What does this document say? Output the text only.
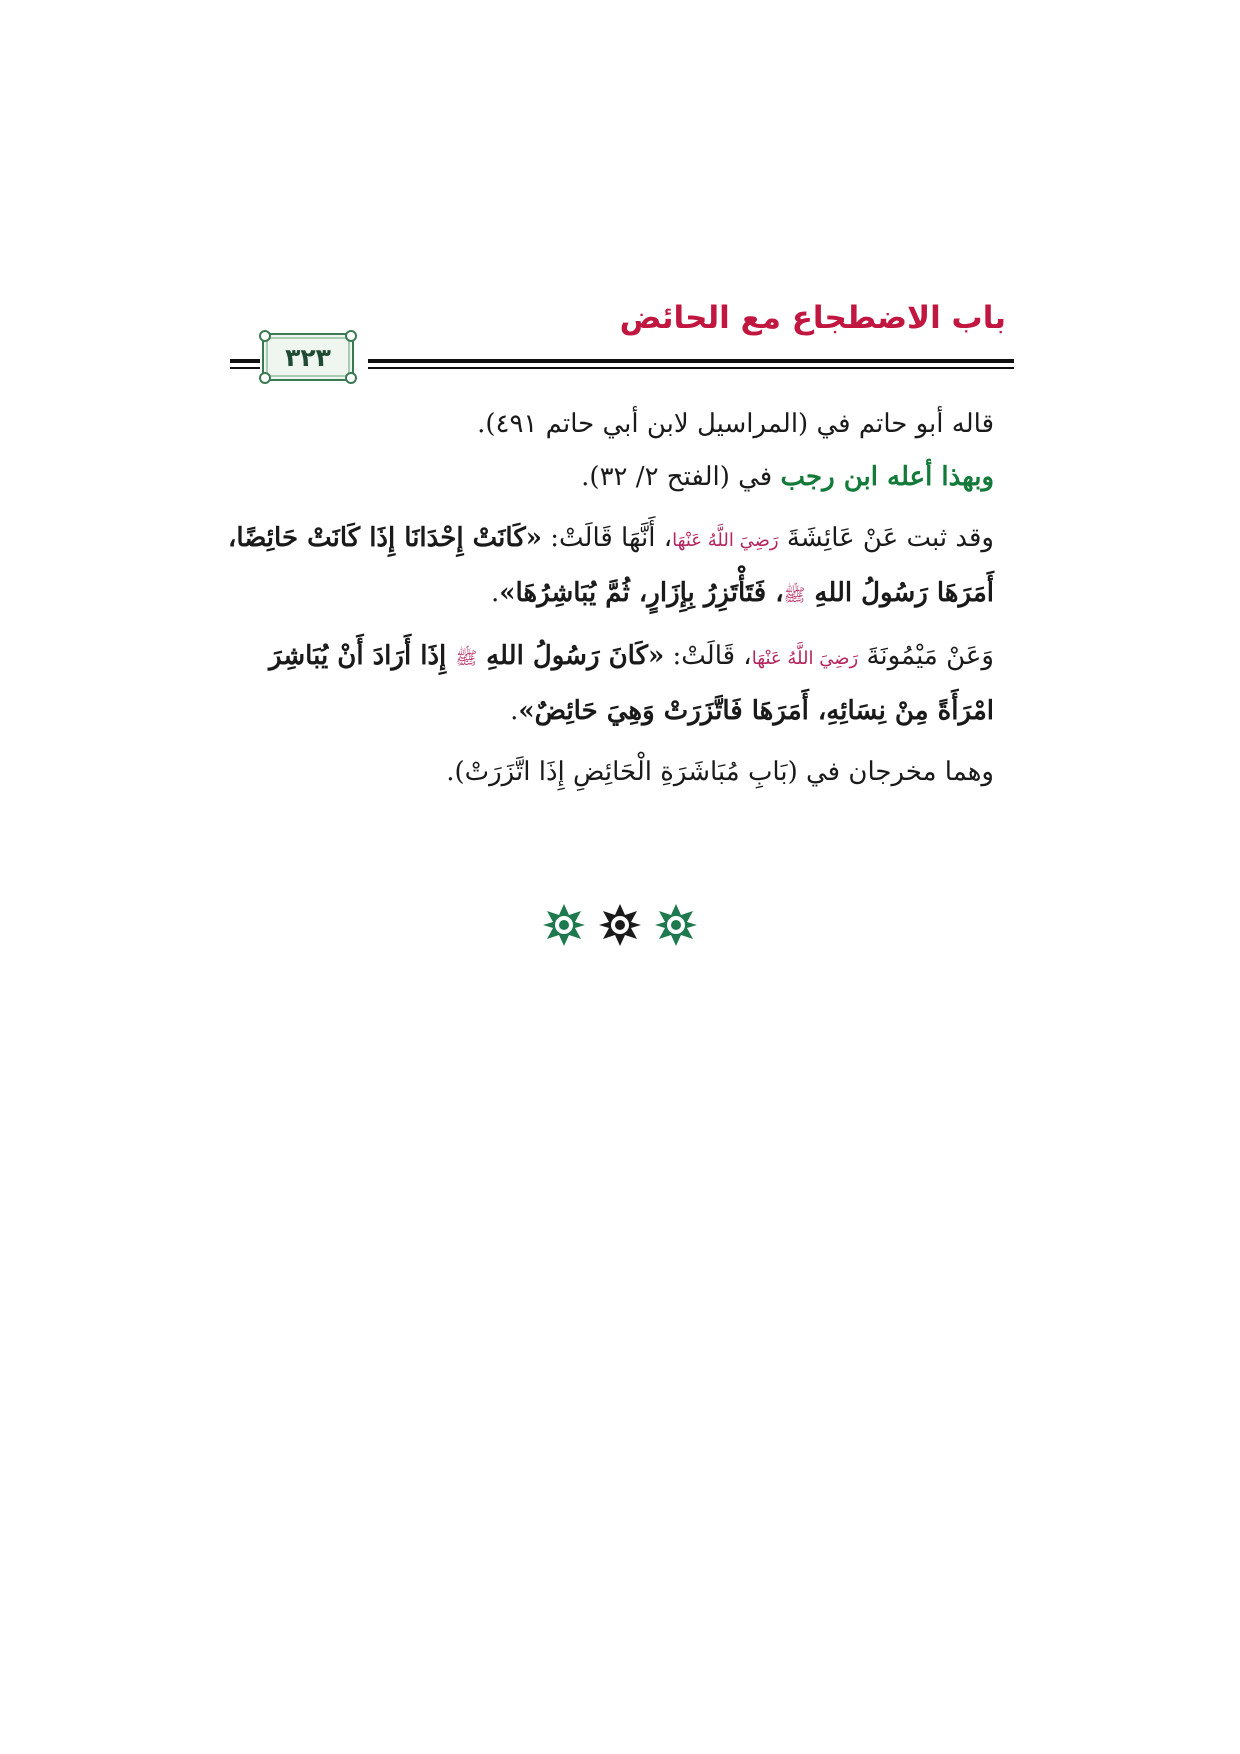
باب الاضطجاع مع الحائض
٣٢٣

قاله أبو حاتم في (المراسيل لابن أبي حاتم ٤٩١).

وبهذا أعله ابن رجب في (الفتح ٢/ ٣٢).

وقد ثبت عَنْ عَائِشَةَ رَضِيَ اللَّهُ عَنْهَا، أَنَّهَا قَالَتْ: «كَانَتْ إِحْدَانَا إِذَا كَانَتْ حَائِضًا، أَمَرَهَا رَسُولُ اللهِ ﷺ، فَتَأْتَزِرُ بِإِزَارٍ، ثُمَّ يُبَاشِرُهَا».

وَعَنْ مَيْمُونَةَ رَضِيَ اللَّهُ عَنْهَا، قَالَتْ: «كَانَ رَسُولُ اللهِ ﷺ إِذَا أَرَادَ أَنْ يُبَاشِرَ امْرَأَةً مِنْ نِسَائِهِ، أَمَرَهَا فَاتَّزَرَتْ وَهِيَ حَائِضٌ».

وهما مخرجان في (بَابِ مُبَاشَرَةِ الْحَائِضِ إِذَا اتَّزَرَتْ).
